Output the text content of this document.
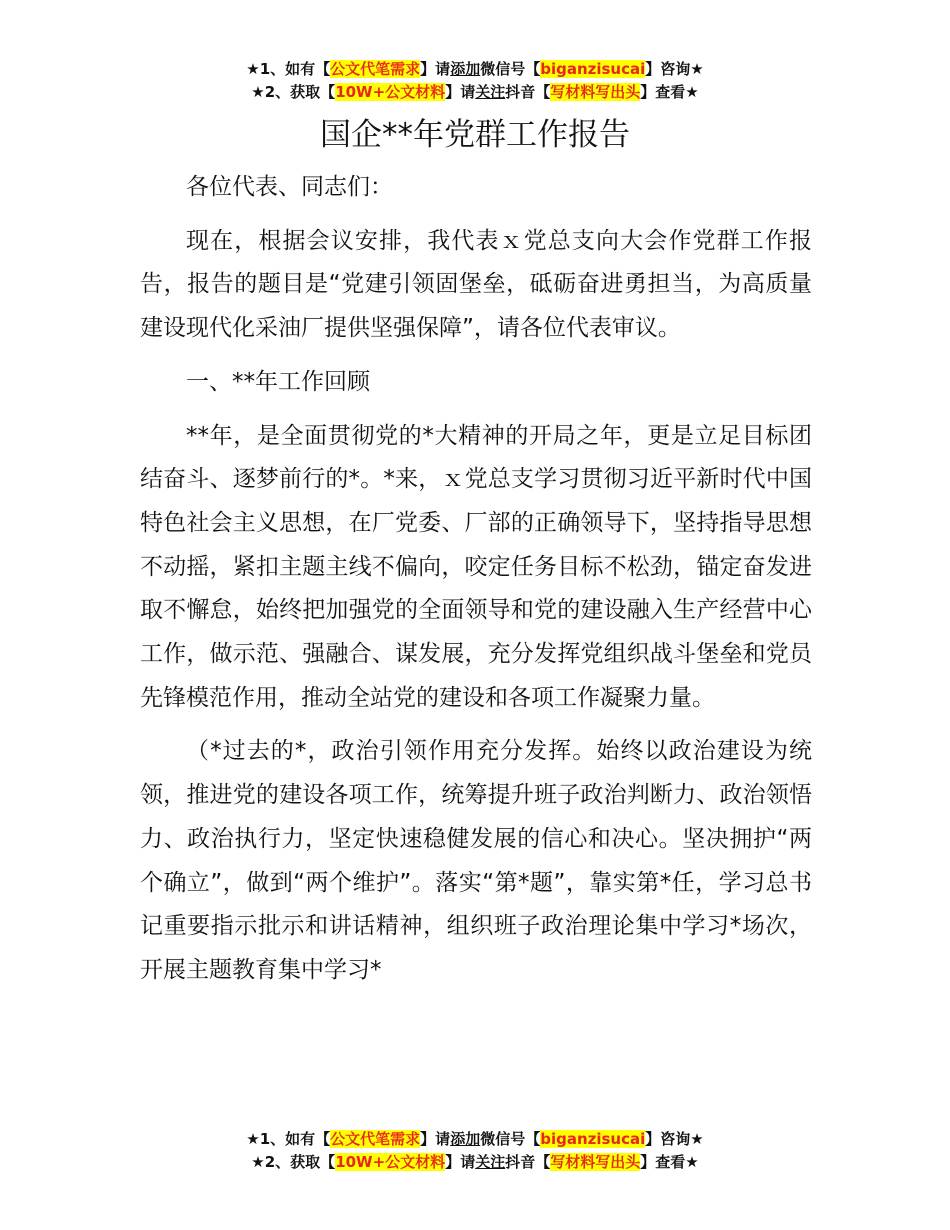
★1、如有【公文代笔需求】请添加微信号【biganzisucai】咨询★
★2、获取【10W+公文材料】请关注抖音【写材料写出头】查看★
国企**年党群工作报告

各位代表、同志们：

现在，根据会议安排，我代表ｘ党总支向大会作党群工作报告，报告的题目是“党建引领固堡垒，砥砺奋进勇担当，为高质量建设现代化采油厂提供坚强保障”，请各位代表审议。

一、**年工作回顾

**年，是全面贯彻党的*大精神的开局之年，更是立足目标团结奋斗、逐梦前行的*。*来，ｘ党总支学习贯彻习近平新时代中国特色社会主义思想，在厂党委、厂部的正确领导下，坚持指导思想不动摇，紧扣主题主线不偏向，咬定任务目标不松劲，锚定奋发进取不懈怠，始终把加强党的全面领导和党的建设融入生产经营中心工作，做示范、强融合、谋发展，充分发挥党组织战斗堡垒和党员先锋模范作用，推动全站党的建设和各项工作凝聚力量。

（*过去的*，政治引领作用充分发挥。始终以政治建设为统领，推进党的建设各项工作，统筹提升班子政治判断力、政治领悟力、政治执行力，坚定快速稳健发展的信心和决心。坚决拥护“两个确立”，做到“两个维护”。落实“第*题”，靠实第*任，学习总书记重要指示批示和讲话精神，组织班子政治理论集中学习*场次，开展主题教育集中学习*

★1、如有【公文代笔需求】请添加微信号【biganzisucai】咨询★
★2、获取【10W+公文材料】请关注抖音【写材料写出头】查看★
